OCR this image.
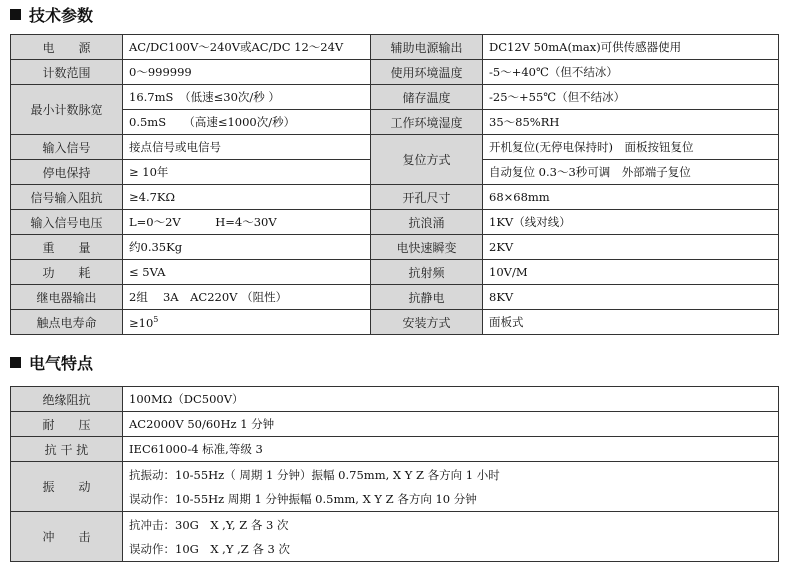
技术参数
电　　源	AC/DC100V～240V或AC/DC 12～24V	辅助电源输出	DC12V 50mA(max)可供传感器使用
计数范围	0～999999	使用环境温度	-5～+40℃（但不结冰）
最小计数脉宽	16.7mS　（低速≤30次/秒 ）	储存温度	-25～+55℃（但不结冰）
	0.5mS　　（高速≤1000次/秒）	工作环境湿度	35～85%RH
输入信号	接点信号或电信号	复位方式	开机复位(无停电保持时)　面板按钮复位
停电保持	≥ 10年		自动复位 0.3～3秒可调　外部端子复位
信号输入阻抗	≥4.7KΩ	开孔尺寸	68×68mm
输入信号电压	L=0～2V　　　H=4～30V	抗浪涌	1KV（线对线）
重　　量	约0.35Kg	电快速瞬变	2KV
功　　耗	≤ 5VA	抗射频	10V/M
继电器输出	2组　 3A　AC220V （阻性）	抗静电	8KV
触点电寿命	$\ge 10^5$	安装方式	面板式
电气特点
绝缘阻抗	100MΩ（DC500V）
耐　　压	AC2000V 50/60Hz 1 分钟
抗 干 扰	IEC61000-4 标准,等级 3
振　　动	抗振动：10-55Hz（ 周期 1 分钟）振幅 0.75mm, X Y Z 各方向 1 小时
误动作：10-55Hz 周期 1 分钟振幅 0.5mm, X Y Z 各方向 10 分钟

冲　　击	抗冲击：30G　X ,Y, Z 各 3 次
误动作：10G　X ,Y ,Z 各 3 次
